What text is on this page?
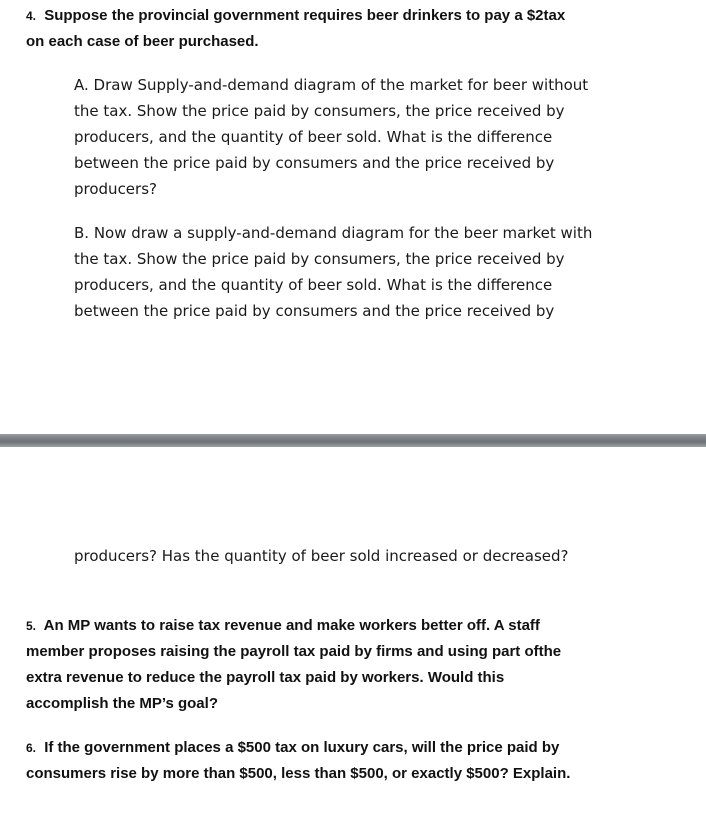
4. Suppose the provincial government requires beer drinkers to pay a $2tax
on each case of beer purchased.
A. Draw Supply-and-demand diagram of the market for beer without
the tax. Show the price paid by consumers, the price received by
producers, and the quantity of beer sold. What is the difference
between the price paid by consumers and the price received by
producers?
B. Now draw a supply-and-demand diagram for the beer market with
the tax. Show the price paid by consumers, the price received by
producers, and the quantity of beer sold. What is the difference
between the price paid by consumers and the price received by
producers? Has the quantity of beer sold increased or decreased?
5. An MP wants to raise tax revenue and make workers better off. A staff
member proposes raising the payroll tax paid by firms and using part ofthe
extra revenue to reduce the payroll tax paid by workers. Would this
accomplish the MP’s goal?
6. If the government places a $500 tax on luxury cars, will the price paid by
consumers rise by more than $500, less than $500, or exactly $500? Explain.
